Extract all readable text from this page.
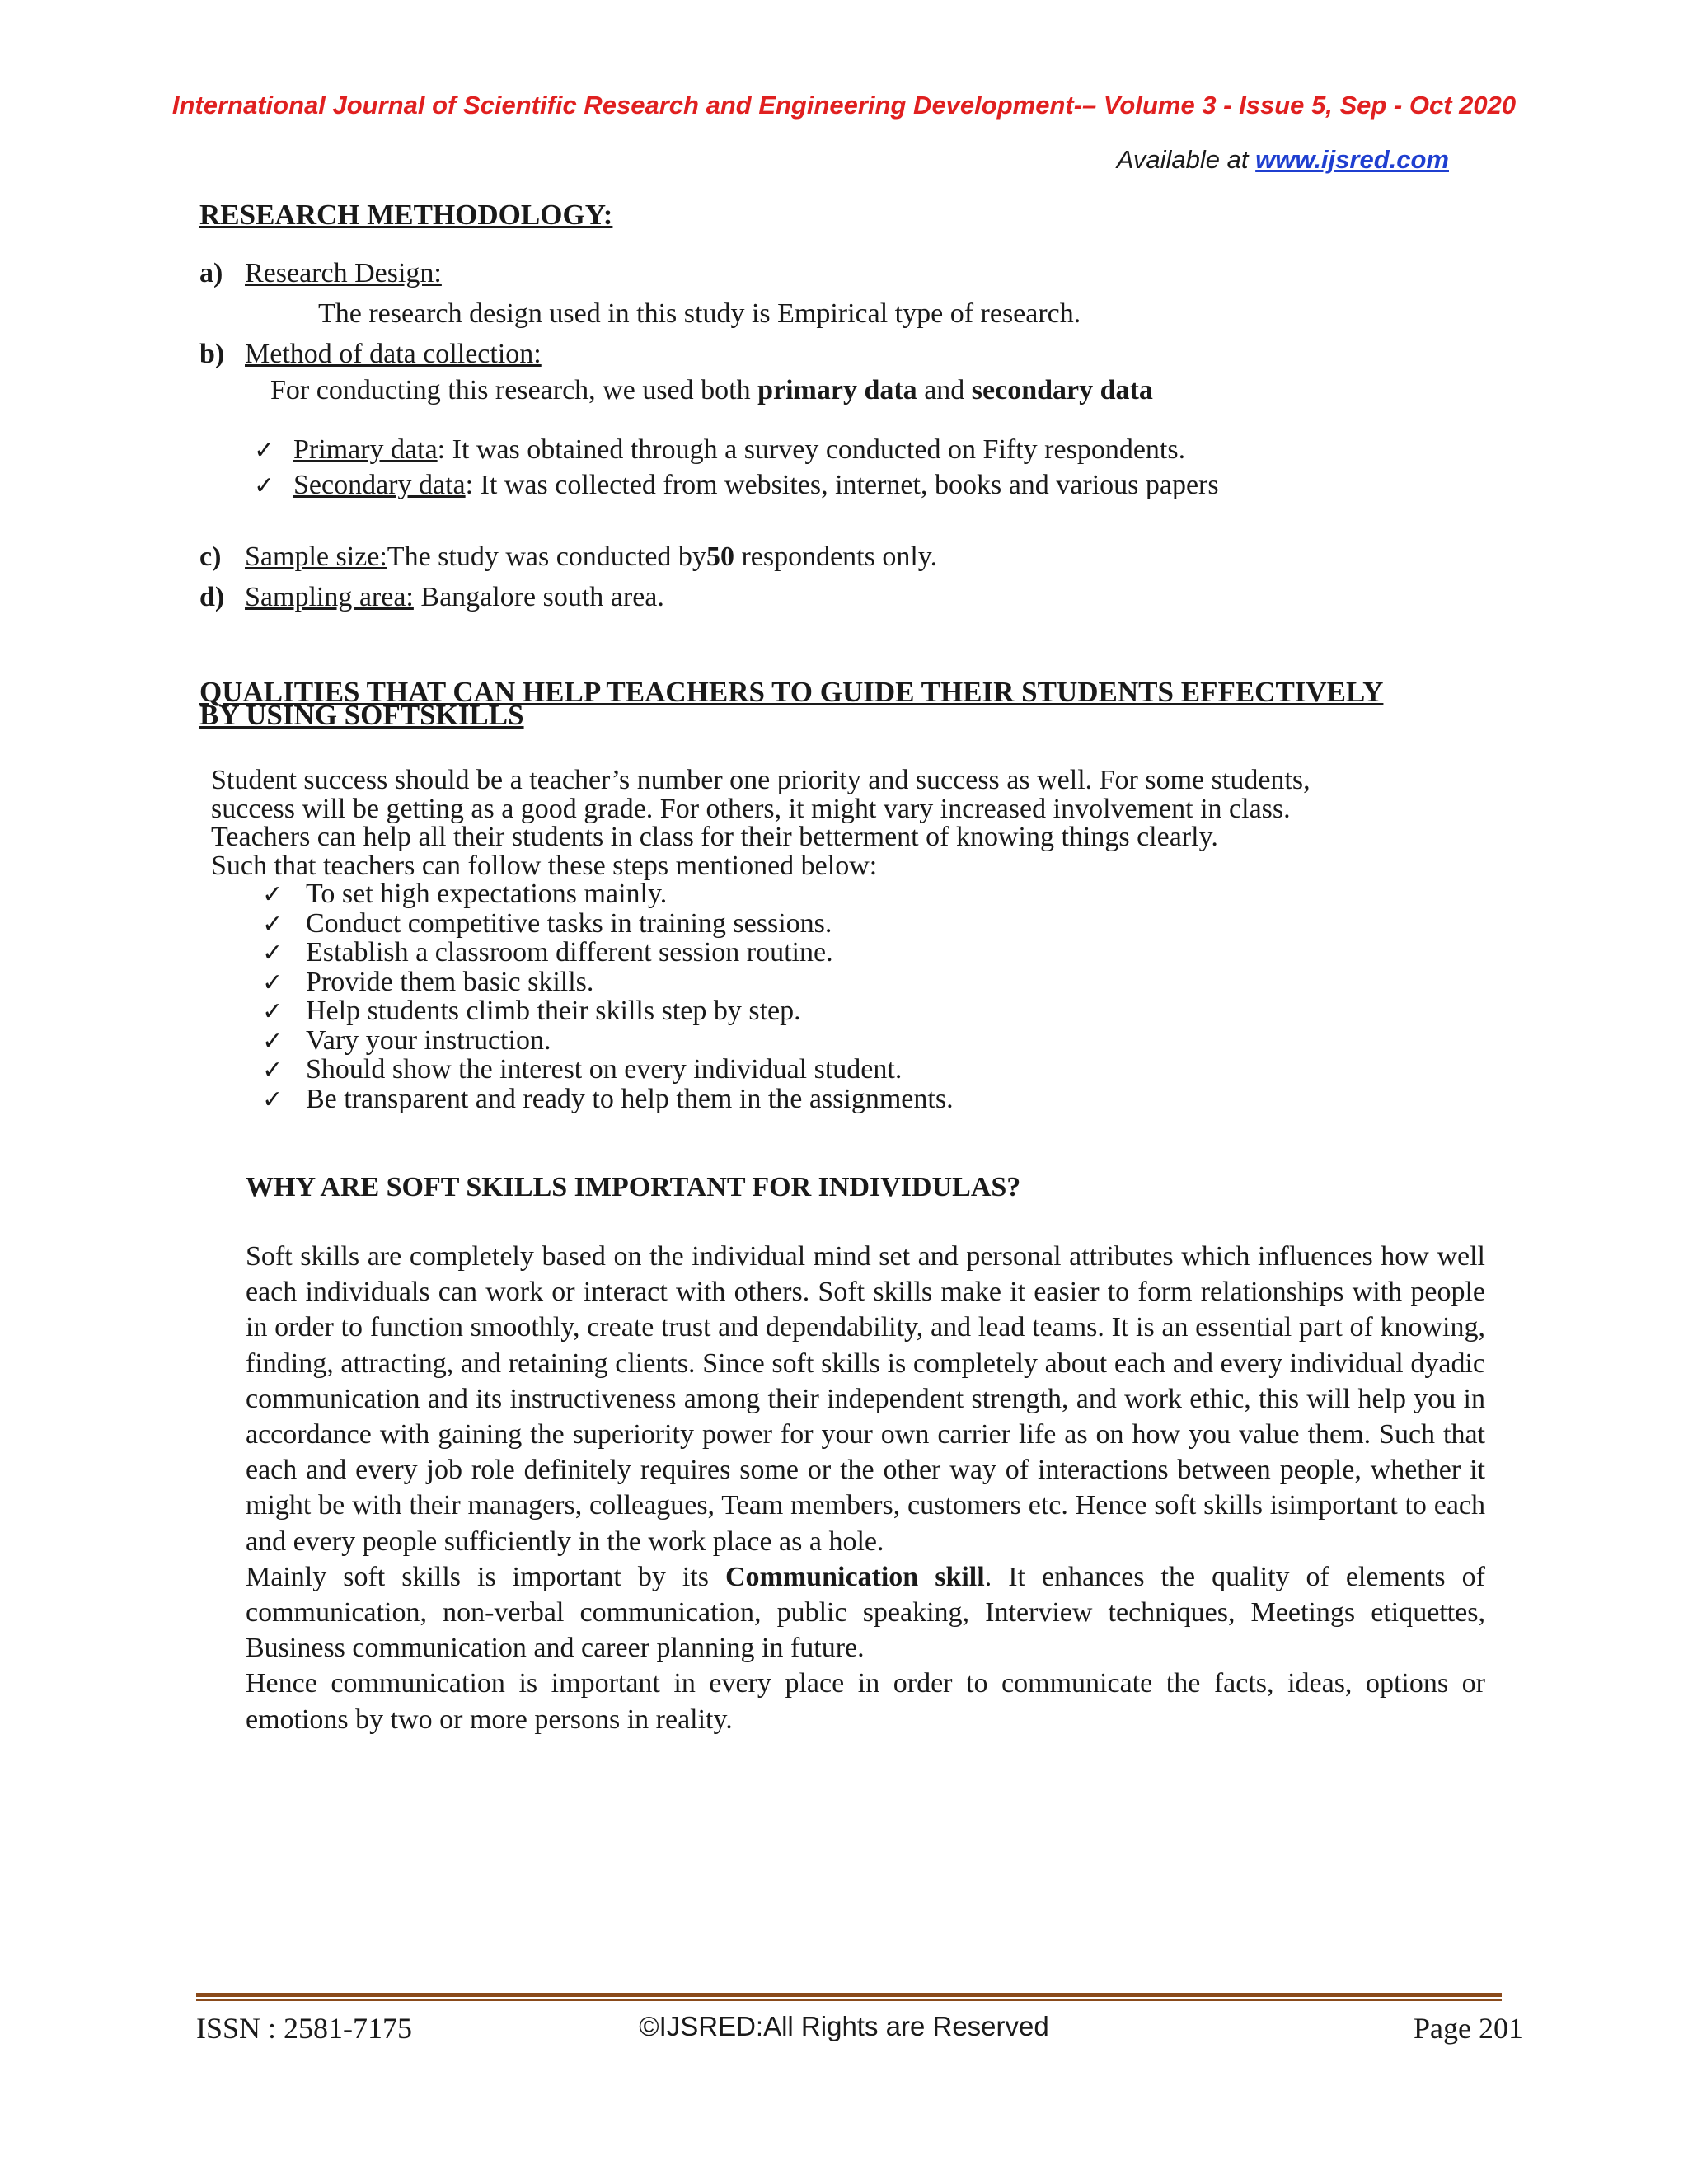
International Journal of Scientific Research and Engineering Development-– Volume 3 - Issue 5, Sep - Oct 2020
Available at www.ijsred.com
RESEARCH METHODOLOGY:
a) Research Design:
The research design used in this study is Empirical type of research.
b) Method of data collection:
For conducting this research, we used both primary data and secondary data
✓ Primary data: It was obtained through a survey conducted on Fifty respondents.
✓ Secondary data: It was collected from websites, internet, books and various papers
c) Sample size:The study was conducted by50 respondents only.
d) Sampling area: Bangalore south area.
QUALITIES THAT CAN HELP TEACHERS TO GUIDE THEIR STUDENTS EFFECTIVELY
BY USING SOFTSKILLS
Student success should be a teacher’s number one priority and success as well. For some students,
success will be getting as a good grade. For others, it might vary increased involvement in class.
Teachers can help all their students in class for their betterment of knowing things clearly.
Such that teachers can follow these steps mentioned below:
✓ To set high expectations mainly.
✓ Conduct competitive tasks in training sessions.
✓ Establish a classroom different session routine.
✓ Provide them basic skills.
✓ Help students climb their skills step by step.
✓ Vary your instruction.
✓ Should show the interest on every individual student.
✓ Be transparent and ready to help them in the assignments.
WHY ARE SOFT SKILLS IMPORTANT FOR INDIVIDULAS?

Soft skills are completely based on the individual mind set and personal attributes which influences how well each individuals can work or interact with others. Soft skills make it easier to form relationships with people in order to function smoothly, create trust and dependability, and lead teams. It is an essential part of knowing, finding, attracting, and retaining clients. Since soft skills is completely about each and every individual dyadic communication and its instructiveness among their independent strength, and work ethic, this will help you in accordance with gaining the superiority power for your own carrier life as on how you value them. Such that each and every job role definitely requires some or the other way of interactions between people, whether it might be with their managers, colleagues, Team members, customers etc. Hence soft skills isimportant to each and every people sufficiently in the work place as a hole.

Mainly soft skills is important by its Communication skill. It enhances the quality of elements of communication, non-verbal communication, public speaking, Interview techniques, Meetings etiquettes, Business communication and career planning in future.

Hence communication is important in every place in order to communicate the facts, ideas, options or emotions by two or more persons in reality.

ISSN : 2581-7175	©IJSRED:All Rights are Reserved	Page 201
